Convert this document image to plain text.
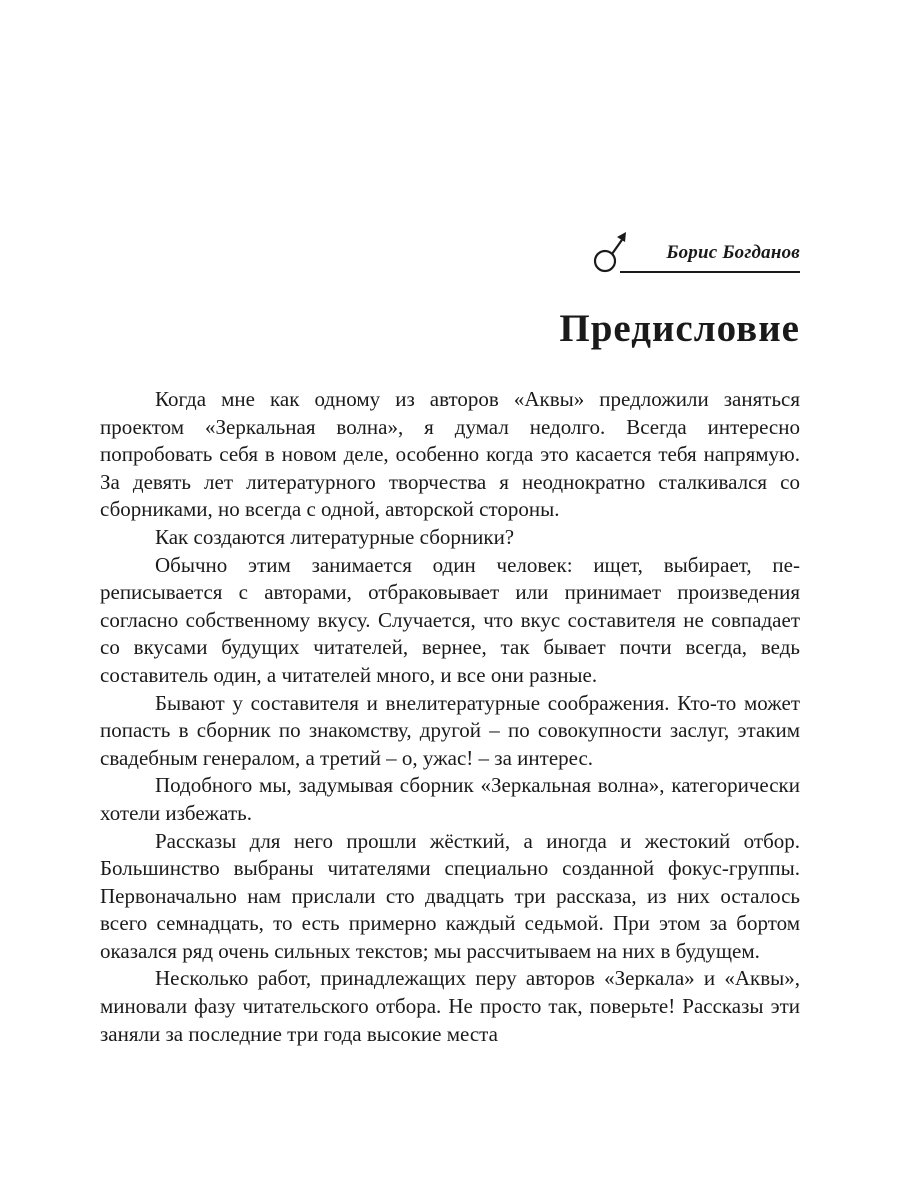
Борис Богданов
Предисловие

Когда мне как одному из авторов «Аквы» предложили заняться проектом «Зеркальная волна», я думал недолго. Всегда интересно попробовать себя в новом деле, особенно когда это касается тебя напрямую. За девять лет литературного творчества я неоднократно сталкивался со сборниками, но всегда с одной, авторской стороны.

Как создаются литературные сборники?

Обычно этим занимается один человек: ищет, выбирает, переписывается с авторами, отбраковывает или принимает произведения согласно собственному вкусу. Случается, что вкус составителя не совпадает со вкусами будущих читателей, вернее, так бывает почти всегда, ведь составитель один, а читателей много, и все они разные.

Бывают у составителя и внелитературные соображения. Кто-то может попасть в сборник по знакомству, другой – по совокупности заслуг, этаким свадебным генералом, а третий – о, ужас! – за интерес.

Подобного мы, задумывая сборник «Зеркальная волна», категорически хотели избежать.

Рассказы для него прошли жёсткий, а иногда и жестокий отбор. Большинство выбраны читателями специально созданной фокус-группы. Первоначально нам прислали сто двадцать три рассказа, из них осталось всего семнадцать, то есть примерно каждый седьмой. При этом за бортом оказался ряд очень сильных текстов; мы рассчитываем на них в будущем.

Несколько работ, принадлежащих перу авторов «Зеркала» и «Аквы», миновали фазу читательского отбора. Не просто так, поверьте! Рассказы эти заняли за последние три года высокие места
